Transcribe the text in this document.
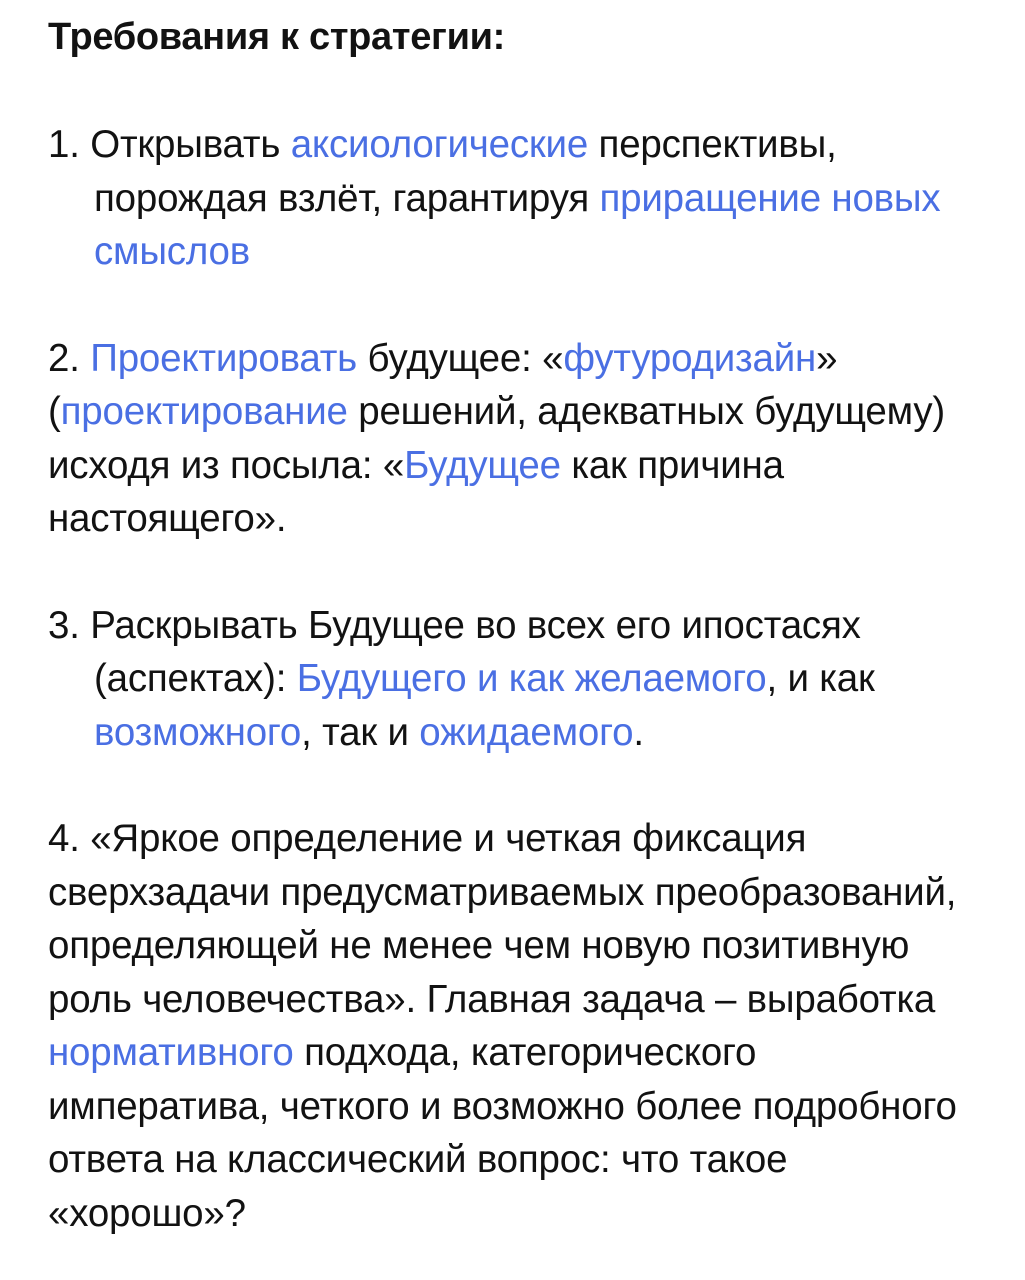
Требования к стратегии:
1. Открывать аксиологические перспективы, порождая взлёт, гарантируя приращение новых смыслов
2. Проектировать будущее: «футуродизайн» (проектирование решений, адекватных будущему) исходя из посыла: «Будущее как причина настоящего».
3. Раскрывать Будущее во всех его ипостасях (аспектах): Будущего и как желаемого, и как возможного, так и ожидаемого.
4. «Яркое определение и четкая фиксация сверхзадачи предусматриваемых преобразований, определяющей не менее чем новую позитивную роль человечества». Главная задача – выработка нормативного подхода, категорического императива, четкого и возможно более подробного ответа на классический вопрос: что такое «хорошо»?
